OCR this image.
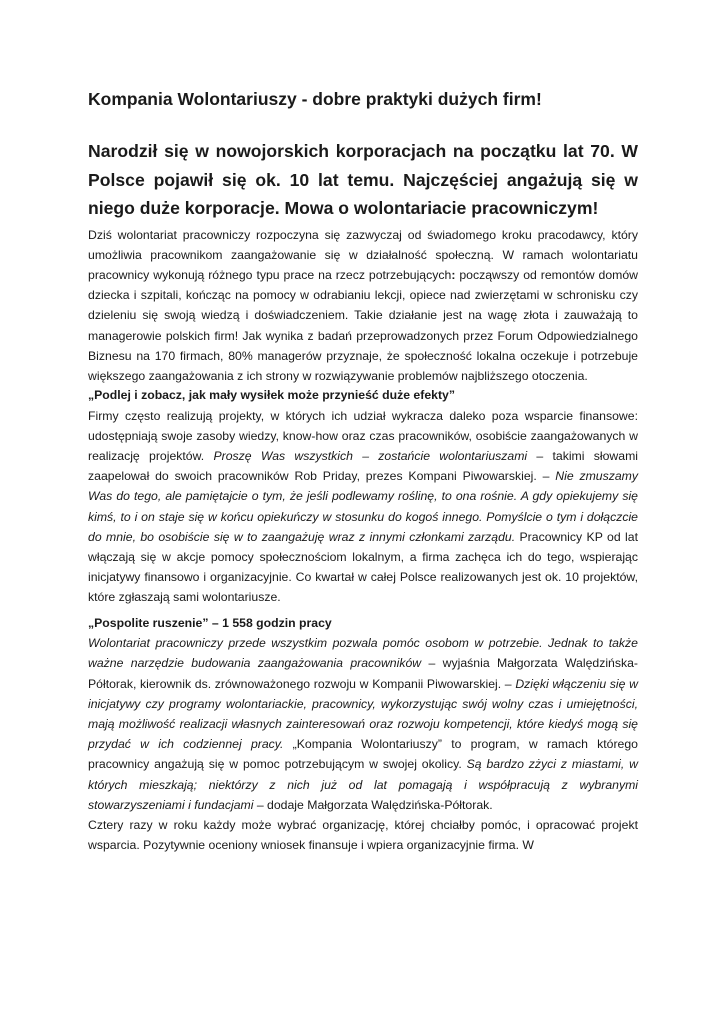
Kompania Wolontariuszy - dobre praktyki dużych firm!
Narodził się w nowojorskich korporacjach na początku lat 70. W Polsce pojawił się ok. 10 lat temu. Najczęściej angażują się w niego duże korporacje. Mowa o wolontariacie pracowniczym!

Dziś wolontariat pracowniczy rozpoczyna się zazwyczaj od świadomego kroku pracodawcy, który umożliwia pracownikom zaangażowanie się w działalność społeczną. W ramach wolontariatu pracownicy wykonują różnego typu prace na rzecz potrzebujących: począwszy od remontów domów dziecka i szpitali, kończąc na pomocy w odrabianiu lekcji, opiece nad zwierzętami w schronisku czy dzieleniu się swoją wiedzą i doświadczeniem. Takie działanie jest na wagę złota i zauważają to managerowie polskich firm! Jak wynika z badań przeprowadzonych przez Forum Odpowiedzialnego Biznesu na 170 firmach, 80% managerów przyznaje, że społeczność lokalna oczekuje i potrzebuje większego zaangażowania z ich strony w rozwiązywanie problemów najbliższego otoczenia.

„Podlej i zobacz, jak mały wysiłek może przynieść duże efekty”

Firmy często realizują projekty, w których ich udział wykracza daleko poza wsparcie finansowe: udostępniają swoje zasoby wiedzy, know-how oraz czas pracowników, osobiście zaangażowanych w realizację projektów. Proszę Was wszystkich – zostańcie wolontariuszami – takimi słowami zaapelował do swoich pracowników Rob Priday, prezes Kompani Piwowarskiej. – Nie zmuszamy Was do tego, ale pamiętajcie o tym, że jeśli podlewamy roślinę, to ona rośnie. A gdy opiekujemy się kimś, to i on staje się w końcu opiekuńczy w stosunku do kogoś innego. Pomyślcie o tym i dołączcie do mnie, bo osobiście się w to zaangażuję wraz z innymi członkami zarządu. Pracownicy KP od lat włączają się w akcje pomocy społecznościom lokalnym, a firma zachęca ich do tego, wspierając inicjatywy finansowo i organizacyjnie. Co kwartał w całej Polsce realizowanych jest ok. 10 projektów, które zgłaszają sami wolontariusze.

„Pospolite ruszenie” – 1 558 godzin pracy

Wolontariat pracowniczy przede wszystkim pozwala pomóc osobom w potrzebie. Jednak to także ważne narzędzie budowania zaangażowania pracowników – wyjaśnia Małgorzata Walędzińska-Półtorak, kierownik ds. zrównoważonego rozwoju w Kompanii Piwowarskiej. – Dzięki włączeniu się w inicjatywy czy programy wolontariackie, pracownicy, wykorzystując swój wolny czas i umiejętności, mają możliwość realizacji własnych zainteresowań oraz rozwoju kompetencji, które kiedyś mogą się przydać w ich codziennej pracy. „Kompania Wolontariuszy” to program, w ramach którego pracownicy angażują się w pomoc potrzebującym w swojej okolicy. Są bardzo zżyci z miastami, w których mieszkają; niektórzy z nich już od lat pomagają i współpracują z wybranymi stowarzyszeniami i fundacjami – dodaje Małgorzata Walędzińska-Półtorak.

Cztery razy w roku każdy może wybrać organizację, której chciałby pomóc, i opracować projekt wsparcia. Pozytywnie oceniony wniosek finansuje i wpiera organizacyjnie firma. W
